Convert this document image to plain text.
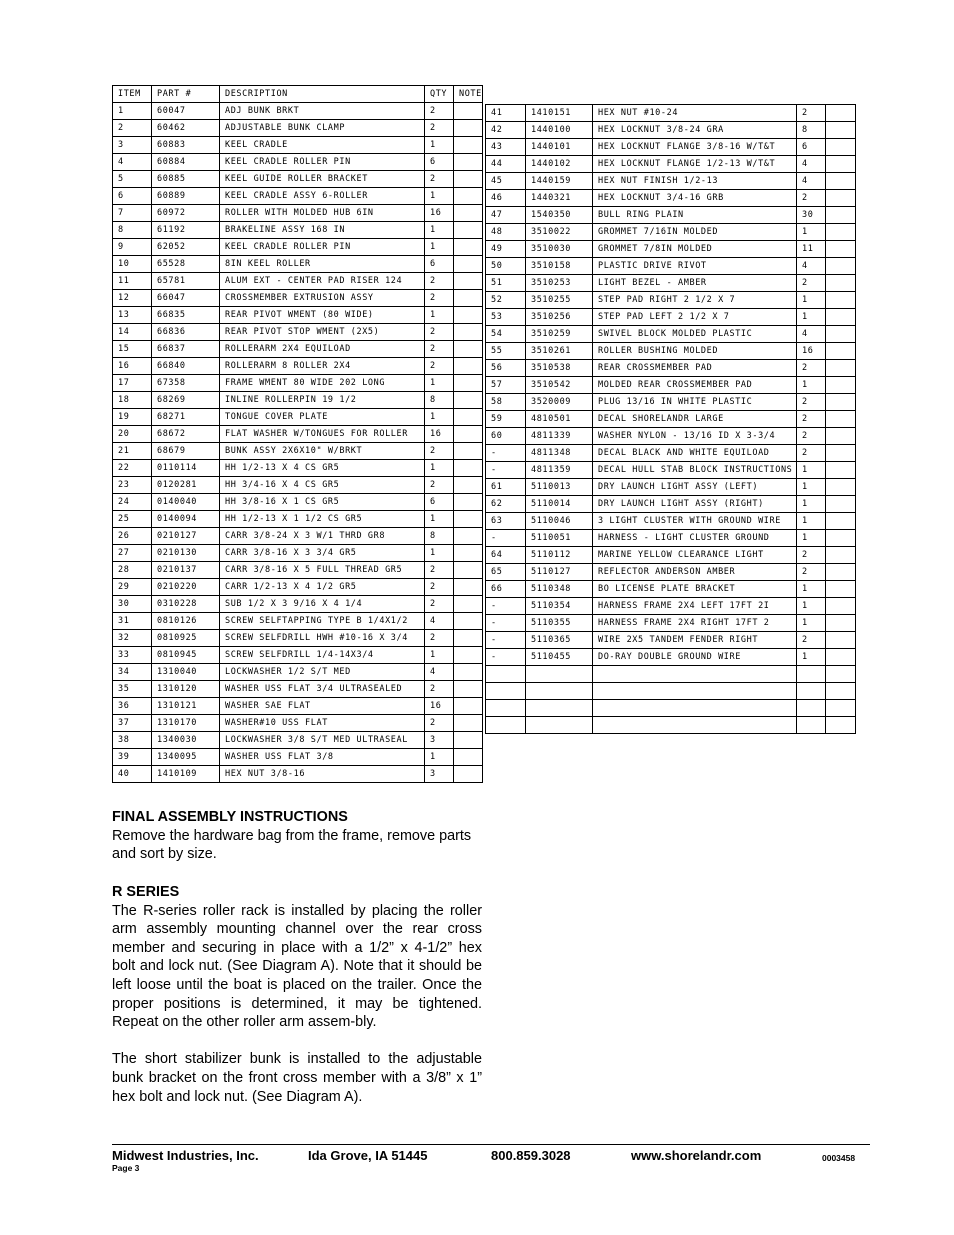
ITEM	PART #	DESCRIPTION	QTY	NOTE
1	60047	ADJ BUNK BRKT	2	
2	60462	ADJUSTABLE BUNK CLAMP	2	
3	60883	KEEL CRADLE	1	
4	60884	KEEL CRADLE ROLLER PIN	6	
5	60885	KEEL GUIDE ROLLER BRACKET	2	
6	60889	KEEL CRADLE ASSY 6-ROLLER	1	
7	60972	ROLLER WITH MOLDED HUB 6IN	16	
8	61192	BRAKELINE ASSY 168 IN	1	
9	62052	KEEL CRADLE ROLLER PIN	1	
10	65528	8IN KEEL ROLLER	6	
11	65781	ALUM EXT - CENTER PAD RISER 124	2	
12	66047	CROSSMEMBER EXTRUSION ASSY	2	
13	66835	REAR PIVOT WMENT (80 WIDE)	1	
14	66836	REAR PIVOT STOP WMENT (2X5)	2	
15	66837	ROLLERARM 2X4 EQUILOAD	2	
16	66840	ROLLERARM 8 ROLLER 2X4	2	
17	67358	FRAME WMENT 80 WIDE 202 LONG	1	
18	68269	INLINE ROLLERPIN 19 1/2	8	
19	68271	TONGUE COVER PLATE	1	
20	68672	FLAT WASHER W/TONGUES FOR ROLLER	16	
21	68679	BUNK ASSY 2X6X10" W/BRKT	2	
22	0110114	HH 1/2-13 X 4 CS GR5	1	
23	0120281	HH 3/4-16 X 4 CS GR5	2	
24	0140040	HH 3/8-16 X 1 CS GR5	6	
25	0140094	HH 1/2-13 X 1 1/2 CS GR5	1	
26	0210127	CARR 3/8-24 X 3 W/1 THRD GR8	8	
27	0210130	CARR 3/8-16 X 3 3/4 GR5	1	
28	0210137	CARR 3/8-16 X 5 FULL THREAD GR5	2	
29	0210220	CARR 1/2-13 X 4 1/2 GR5	2	
30	0310228	SUB 1/2 X 3 9/16 X 4 1/4	2	
31	0810126	SCREW SELFTAPPING TYPE B 1/4X1/2	4	
32	0810925	SCREW SELFDRILL HWH #10-16 X 3/4	2	
33	0810945	SCREW SELFDRILL 1/4-14X3/4	1	
34	1310040	LOCKWASHER 1/2 S/T MED	4	
35	1310120	WASHER USS FLAT 3/4 ULTRASEALED	2	
36	1310121	WASHER SAE FLAT	16	
37	1310170	WASHER#10 USS FLAT	2	
38	1340030	LOCKWASHER 3/8 S/T MED ULTRASEAL	3	
39	1340095	WASHER USS FLAT 3/8	1	
40	1410109	HEX NUT 3/8-16	3	
41	1410151	HEX NUT #10-24	2	
42	1440100	HEX LOCKNUT 3/8-24 GRA	8	
43	1440101	HEX LOCKNUT FLANGE 3/8-16 W/T&T	6	
44	1440102	HEX LOCKNUT FLANGE 1/2-13 W/T&T	4	
45	1440159	HEX NUT FINISH 1/2-13	4	
46	1440321	HEX LOCKNUT 3/4-16 GRB	2	
47	1540350	BULL RING PLAIN	30	
48	3510022	GROMMET 7/16IN MOLDED	1	
49	3510030	GROMMET 7/8IN MOLDED	11	
50	3510158	PLASTIC DRIVE RIVOT	4	
51	3510253	LIGHT BEZEL - AMBER	2	
52	3510255	STEP PAD RIGHT 2 1/2 X 7	1	
53	3510256	STEP PAD LEFT 2 1/2 X 7	1	
54	3510259	SWIVEL BLOCK MOLDED PLASTIC	4	
55	3510261	ROLLER BUSHING MOLDED	16	
56	3510538	REAR CROSSMEMBER PAD	2	
57	3510542	MOLDED REAR CROSSMEMBER PAD	1	
58	3520009	PLUG 13/16 IN WHITE PLASTIC	2	
59	4810501	DECAL SHORELANDR LARGE	2	
60	4811339	WASHER NYLON - 13/16 ID X 3-3/4	2	
-	4811348	DECAL BLACK AND WHITE EQUILOAD	2	
-	4811359	DECAL HULL STAB BLOCK INSTRUCTIONS	1	
61	5110013	DRY LAUNCH LIGHT ASSY (LEFT)	1	
62	5110014	DRY LAUNCH LIGHT ASSY (RIGHT)	1	
63	5110046	3 LIGHT CLUSTER WITH GROUND WIRE	1	
-	5110051	HARNESS - LIGHT CLUSTER GROUND	1	
64	5110112	MARINE YELLOW CLEARANCE LIGHT	2	
65	5110127	REFLECTOR ANDERSON AMBER	2	
66	5110348	BO LICENSE PLATE BRACKET	1	
-	5110354	HARNESS FRAME 2X4 LEFT 17FT 2I	1	
-	5110355	HARNESS FRAME 2X4 RIGHT 17FT 2	1	
-	5110365	WIRE 2X5 TANDEM FENDER RIGHT	2	
-	5110455	DO-RAY DOUBLE GROUND WIRE	1	

FINAL ASSEMBLY INSTRUCTIONS
Remove the hardware bag from the frame, remove parts and sort by size.
R SERIES
The R-series roller rack is installed by placing the roller arm assembly mounting channel over the rear cross member and securing in place with a 1/2” x 4-1/2” hex bolt and lock nut. (See Diagram A). Note that it should be left loose until the boat is placed on the trailer. Once the proper positions is determined, it may be tightened. Repeat on the other roller arm assem-bly.
The short stabilizer bunk is installed to the adjustable bunk bracket on the front cross member with a 3/8” x 1” hex bolt and lock nut. (See Diagram A).
Midwest Industries, Inc.	Ida Grove, IA 51445	800.859.3028	www.shorelandr.com	0003458
Page 3
